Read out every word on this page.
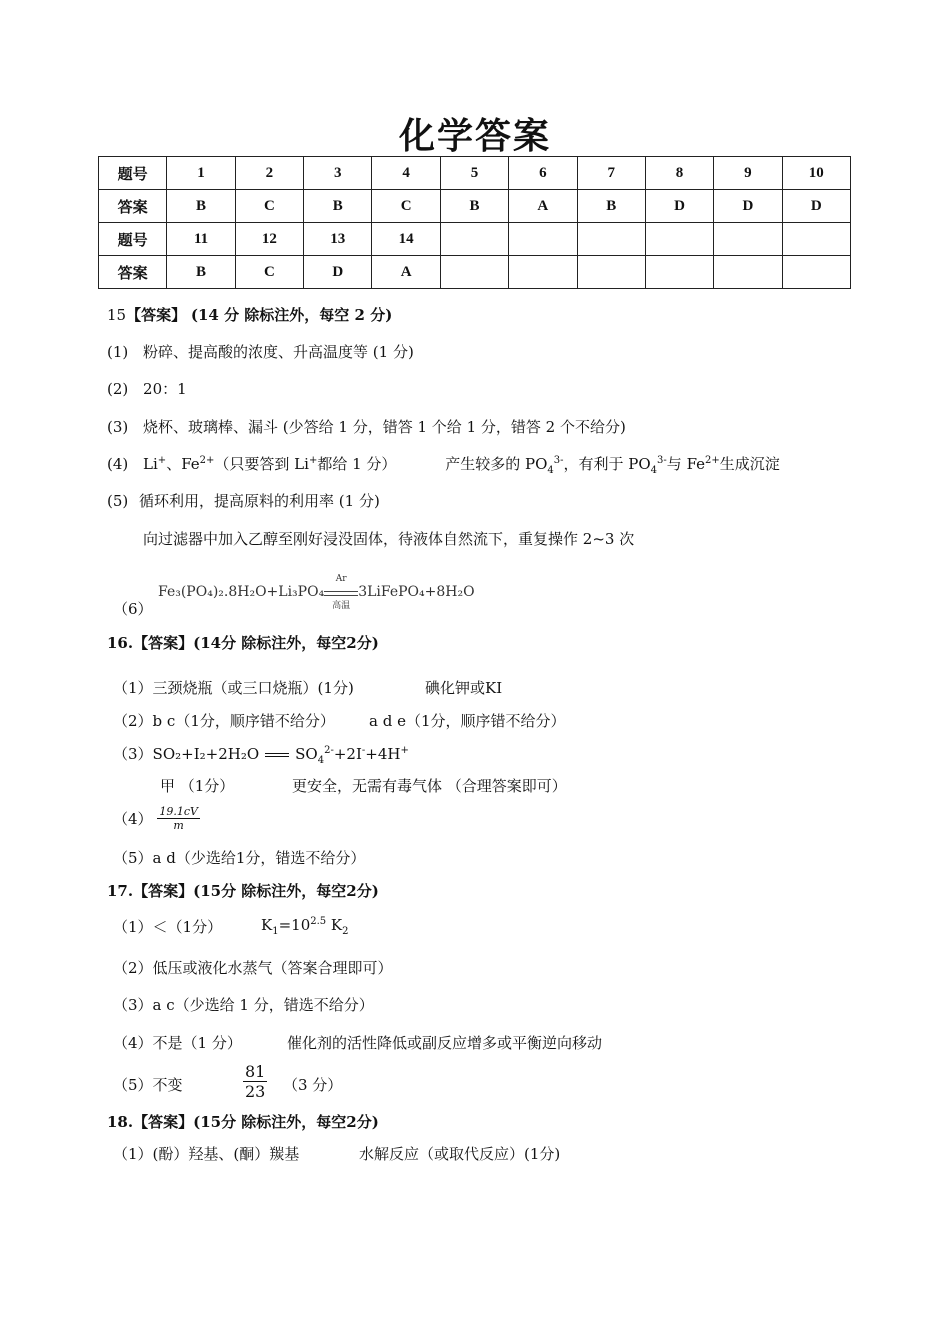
化学答案
题号	1	2	3	4	5	6	7	8	9	10
答案	B	C	B	C	B	A	B	D	D	D
题号	11	12	13	14						
答案	B	C	D	A						
15【答案】 (14 分 除标注外，每空 2 分)
(1) 粉碎、提高酸的浓度、升高温度等 (1 分)
(2) 20：1
(3) 烧杯、玻璃棒、漏斗 (少答给 1 分，错答 1 个给 1 分，错答 2 个不给分)
(4) Li+、$Fe^{2+}$（只要答到 Li+都给 1 分）	产生较多的 $PO_4^{3-}$，有利于 $PO_4^{3-}$与 $Fe^{2+}$生成沉淀
(5) 循环利用，提高原料的利用率 (1 分)
向过滤器中加入乙醇至刚好浸没固体，待液体自然流下，重复操作 2~3 次
（6）
Fe₃(PO₄)₂.8H₂O+Li₃PO₄
Ar
高温
3LiFePO₄+8H₂O
16.【答案】(14分 除标注外，每空2分)
（1）三颈烧瓶（或三口烧瓶）(1分)	碘化钾或KI
（2）b c（1分，顺序错不给分） a d e（1分，顺序错不给分）
（3）SO₂+I₂+2H₂O $SO_4^{2-}+2I^-+4H^+$
甲 （1分）	更安全，无需有毒气体 （合理答案即可）
$(4) \frac{19.1cV}{m}$
（5）a d（少选给1分，错选不给分）
17.【答案】(15分 除标注外，每空2分)
（1）＜（1分）	$K_1=10^{2.5}$ $K_2$
（2）低压或液化水蒸气（答案合理即可）
（3）a c（少选给 1 分，错选不给分）
（4）不是（1 分）	催化剂的活性降低或副反应增多或平衡逆向移动
（5）不变	$\frac{81}{23} (3$ 分）
18.【答案】(15分 除标注外，每空2分)
（1）(酚）羟基、(酮）羰基	水解反应（或取代反应）(1分)
